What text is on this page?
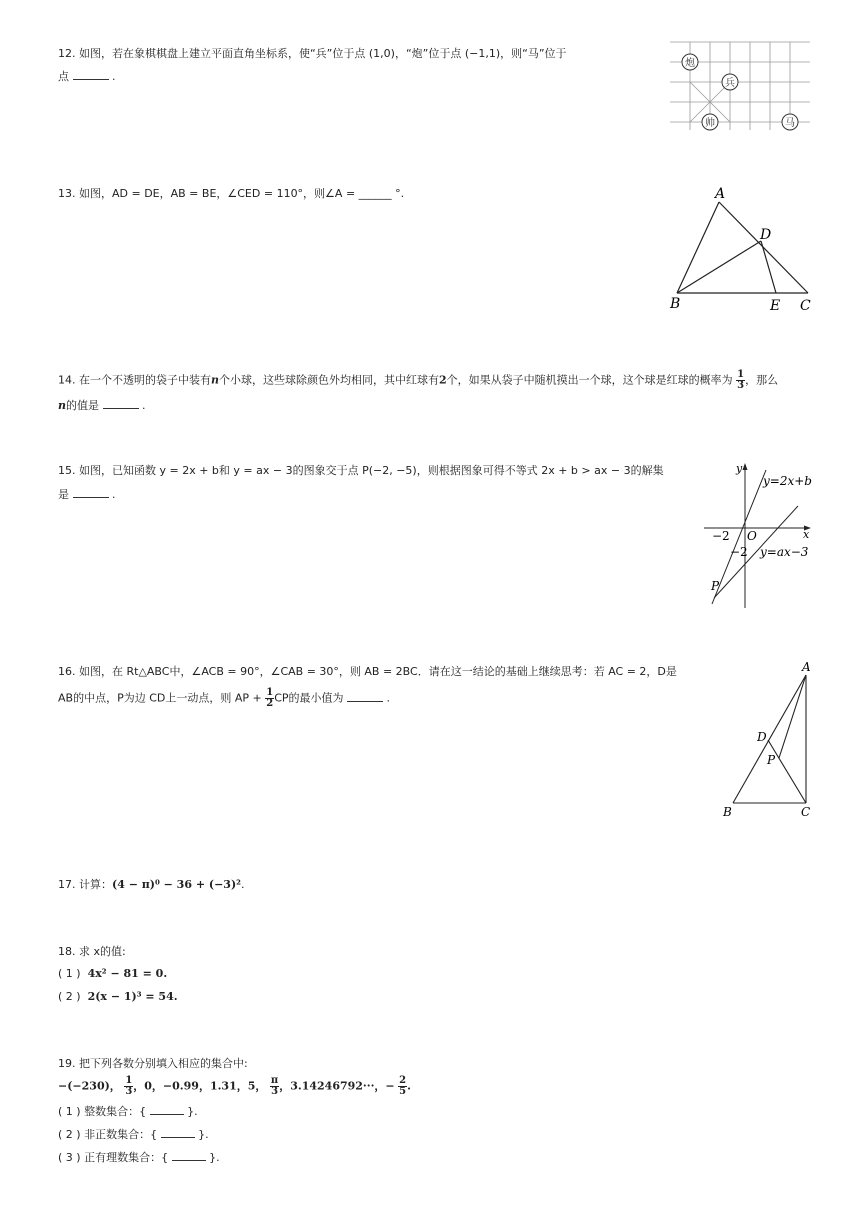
12. 如图，若在象棋棋盘上建立平面直角坐标系，使“兵”位于点 (1,0)，“炮”位于点 (−1,1)，则“马”位于
点	.
炮
兵
帅	马
13. 如图，AD = DE，AB = BE，∠CED = 110°，则∠A = ______ °.	A
D
B	E C
14. 在一个不透明的袋子中装有n个小球，这些球除颜色外均相同，其中红球有2个，如果从袋子中随机摸出一个球，这个球是红球的概率为 $\frac{1}{3}$ ，那么
n的值是	.
15. 如图，已知函数 y = 2x + b和 y = ax − 3的图象交于点 P(−2, −5)，则根据图象可得不等式 2x + b > ax − 3的解集
是	.
y
x
O
−2
−2
y=2x+b
y=ax−3
P
16. 如图，在 Rt△ABC中，∠ACB = 90°，∠CAB = 30°，则 AB = 2BC．请在这一结论的基础上继续思考：若 AC = 2，D是
AB的中点，P为边 CD上一动点，则 AP + $\frac{1}{2}$ CP的最小值为	.
A
D
P
B	C
17. 计算：(4 − π)⁰ − 36 + (−3)².
18. 求 x的值:
( 1 ) 4x² − 81 = 0.
( 2 ) 2(x − 1)³ = 54.
19. 把下列各数分别填入相应的集合中:
−(−230)， $\frac{1}{3}$ ，0，−0.99，1.31，5， $\frac{\pi}{3}$ ，3.14246792···，− $\frac{2}{5}$ .
( 1 ) 整数集合：{	}.
( 2 ) 非正数集合：{	}.
( 3 ) 正有理数集合：{	}.
